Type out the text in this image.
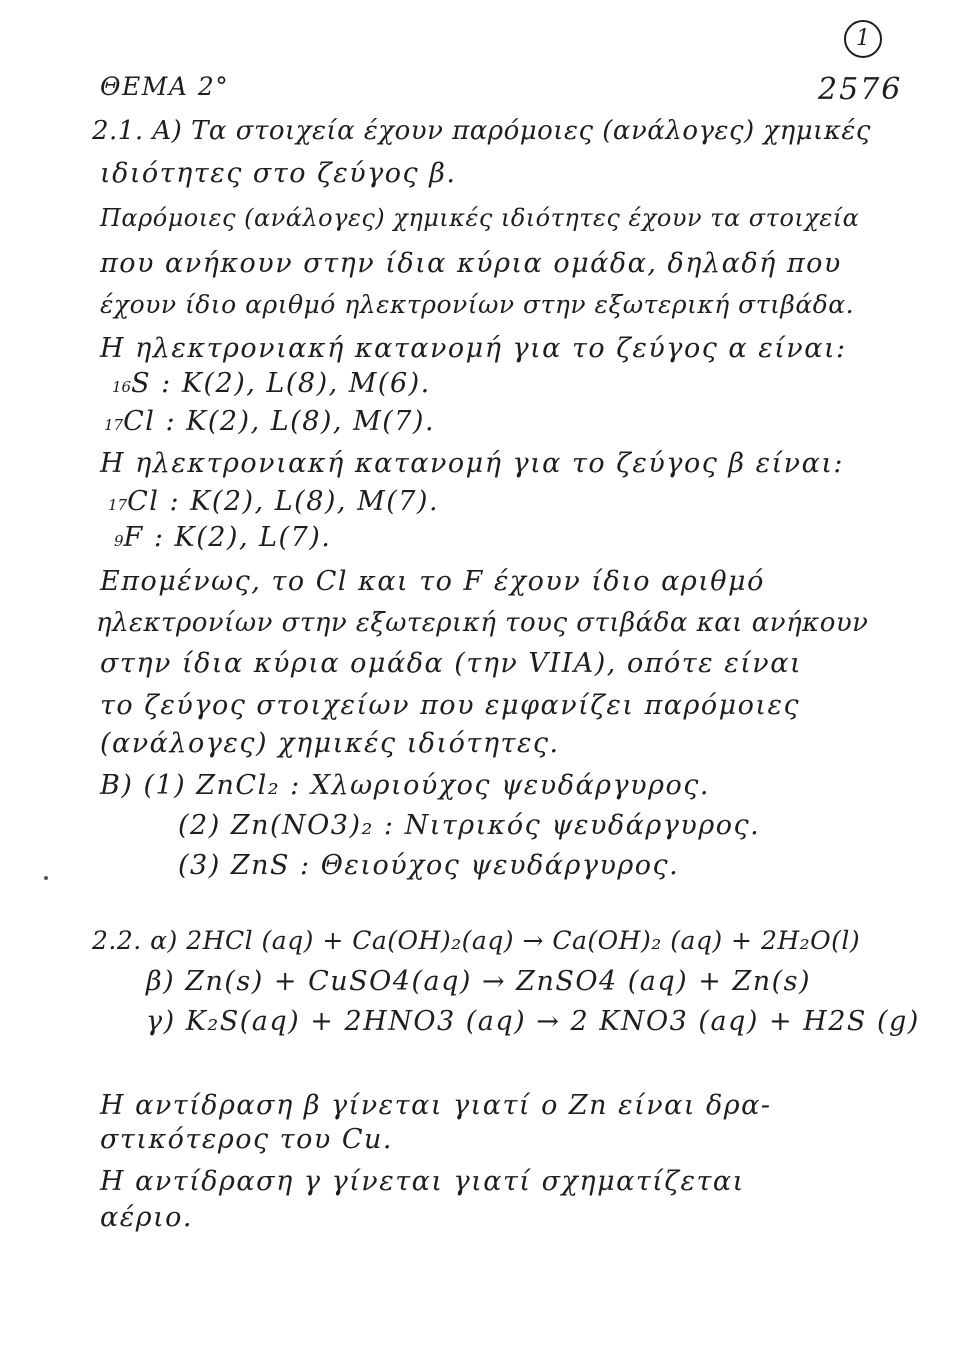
1
2576
ΘΕΜΑ 2°
2.1. Α) Τα στοιχεία έχουν παρόμοιες (ανάλογες) χημικές
ιδιότητες στο ζεύγος β.
Παρόμοιες (ανάλογες) χημικές ιδιότητες έχουν τα στοιχεία
που ανήκουν στην ίδια κύρια ομάδα, δηλαδή που
έχουν ίδιο αριθμό ηλεκτρονίων στην εξωτερική στιβάδα.
Η ηλεκτρονιακή κατανομή για το ζεύγος α είναι:
16S : K(2), L(8), M(6).
17Cl : K(2), L(8), M(7).
Η ηλεκτρονιακή κατανομή για το ζεύγος β είναι:
17Cl : K(2), L(8), M(7).
9F : K(2), L(7).
Επομένως, το Cl και το F έχουν ίδιο αριθμό
ηλεκτρονίων στην εξωτερική τους στιβάδα και ανήκουν
στην ίδια κύρια ομάδα (την VIIA), οπότε είναι
το ζεύγος στοιχείων που εμφανίζει παρόμοιες
(ανάλογες) χημικές ιδιότητες.
Β) (1) ZnCl₂ : Χλωριούχος ψευδάργυρος.
(2) Zn(NO3)₂ : Νιτρικός ψευδάργυρος.
(3) ZnS : Θειούχος ψευδάργυρος.
2.2. α) 2HCl (aq) + Ca(OH)₂(aq) → Ca(OH)₂ (aq) + 2H₂O(l)
β) Zn(s) + CuSO4(aq) → ZnSO4 (aq) + Zn(s)
γ) K₂S(aq) + 2HNO3 (aq) → 2 KNO3 (aq) + H2S (g)
Η αντίδραση β γίνεται γιατί ο Zn είναι δρα-
στικότερος του Cu.
Η αντίδραση γ γίνεται γιατί σχηματίζεται
αέριο.
